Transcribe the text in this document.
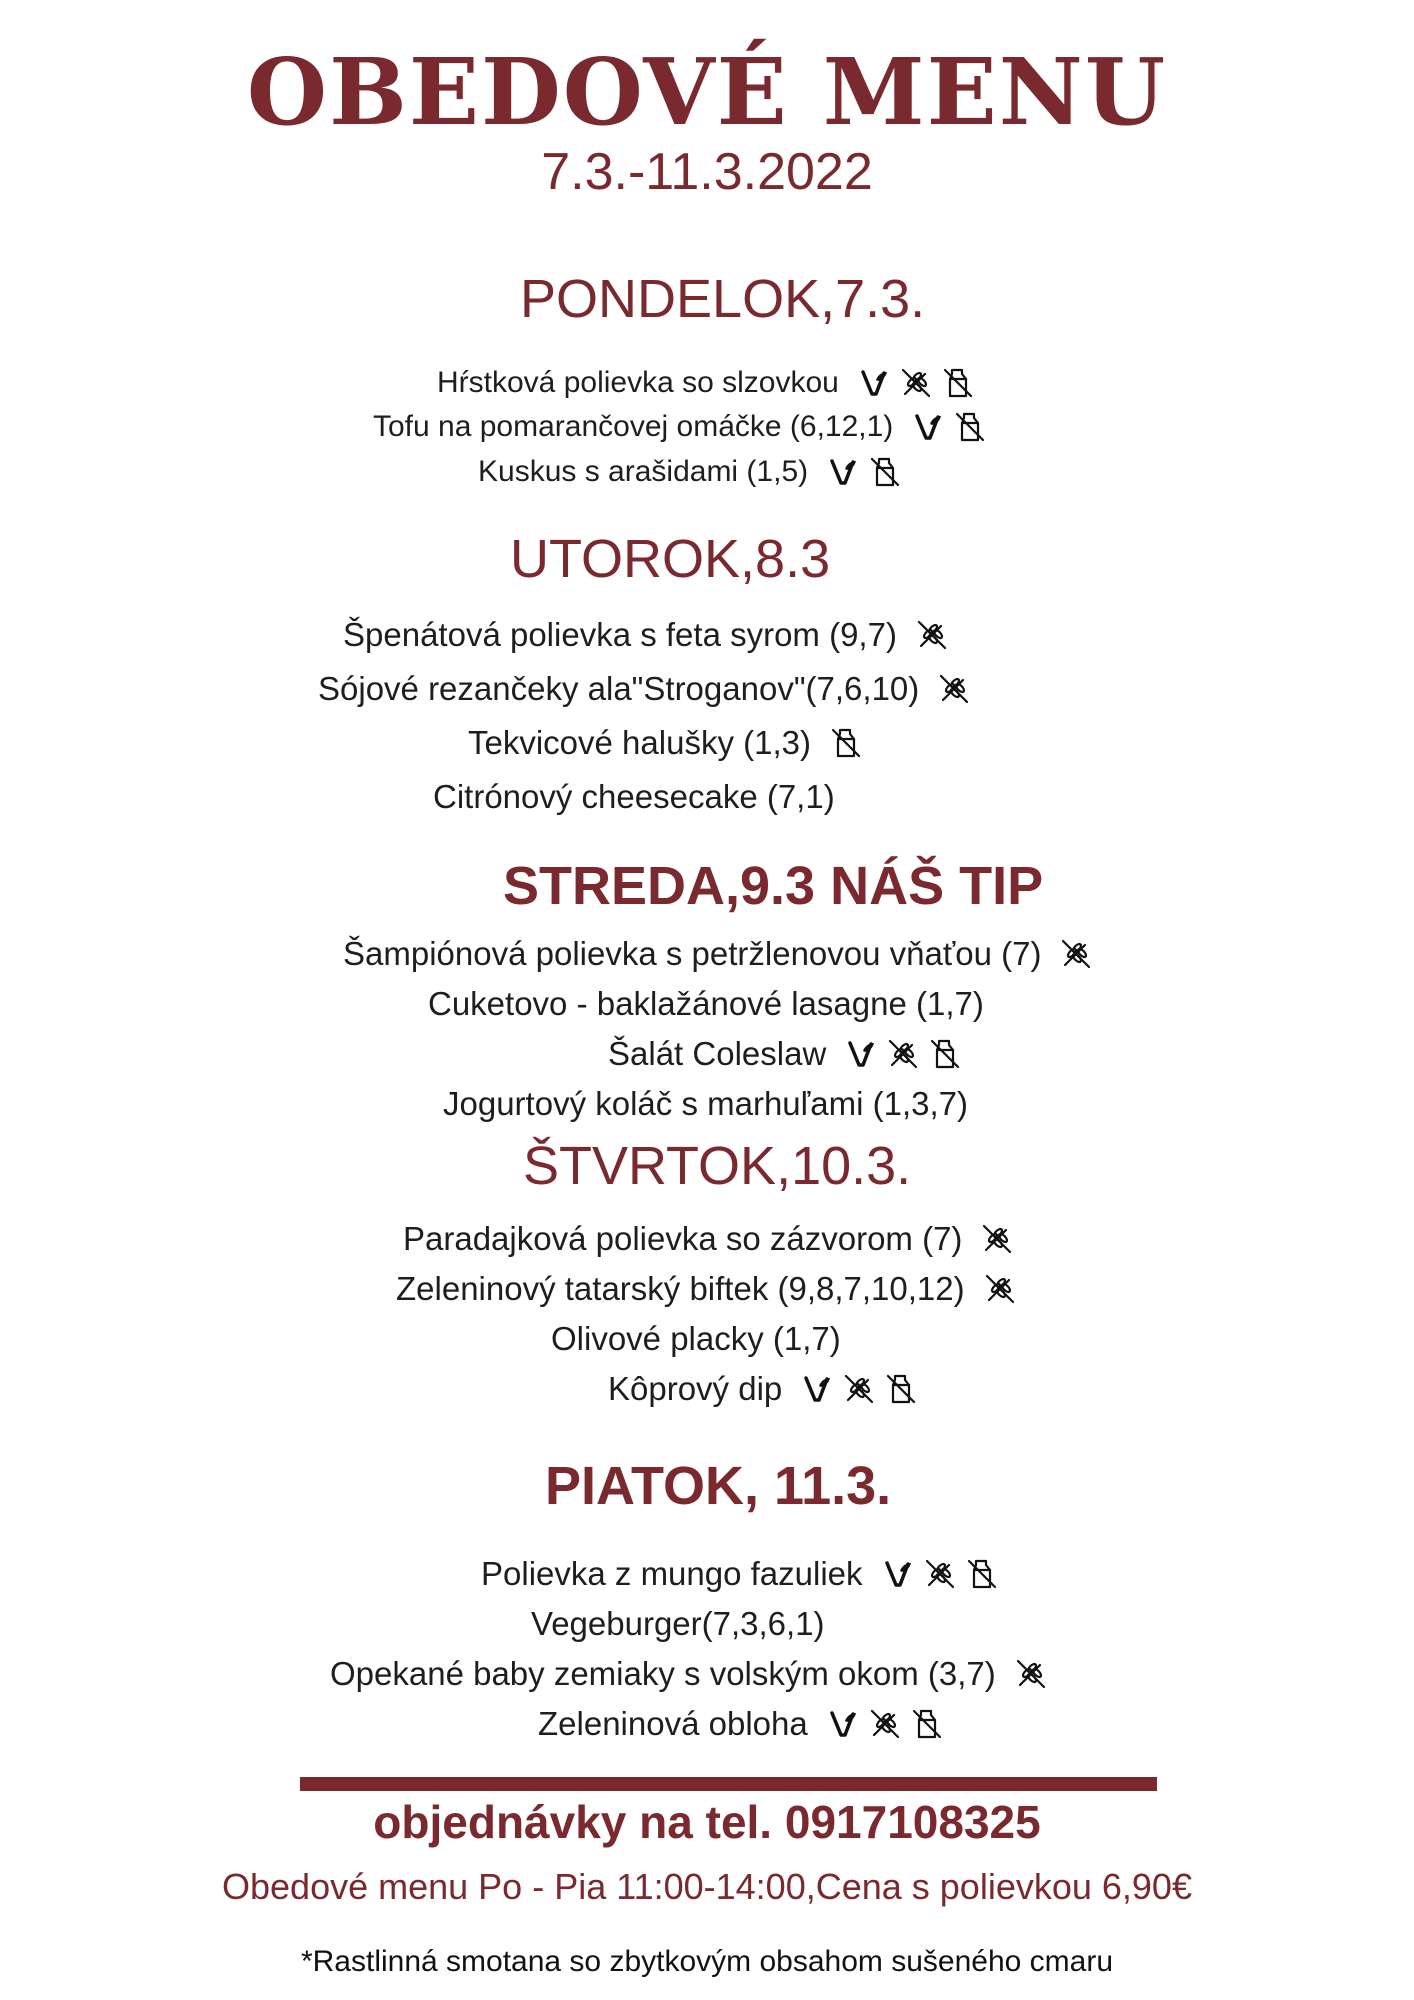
OBEDOVÉ MENU
7.3.-11.3.2022
PONDELOK,7.3.
Hŕstková polievka so slzovkou
Tofu na pomarančovej omáčke (6,12,1)
Kuskus s arašidami (1,5)
UTOROK,8.3
Špenátová polievka s feta syrom (9,7)
Sójové rezančeky ala"Stroganov"(7,6,10)
Tekvicové halušky (1,3)
Citrónový cheesecake (7,1)
STREDA,9.3 NÁŠ TIP
Šampiónová polievka s petržlenovou vňaťou (7)
Cuketovo - baklažánové lasagne (1,7)
Šalát Coleslaw
Jogurtový koláč s marhuľami (1,3,7)
ŠTVRTOK,10.3.
Paradajková polievka so zázvorom (7)
Zeleninový tatarský biftek (9,8,7,10,12)
Olivové placky (1,7)
Kôprový dip
PIATOK, 11.3.
Polievka z mungo fazuliek
Vegeburger(7,3,6,1)
Opekané baby zemiaky s volským okom (3,7)
Zeleninová obloha
objednávky na tel. 0917108325
Obedové menu Po - Pia 11:00-14:00,Cena s polievkou 6,90€
*Rastlinná smotana so zbytkovým obsahom sušeného cmaru
